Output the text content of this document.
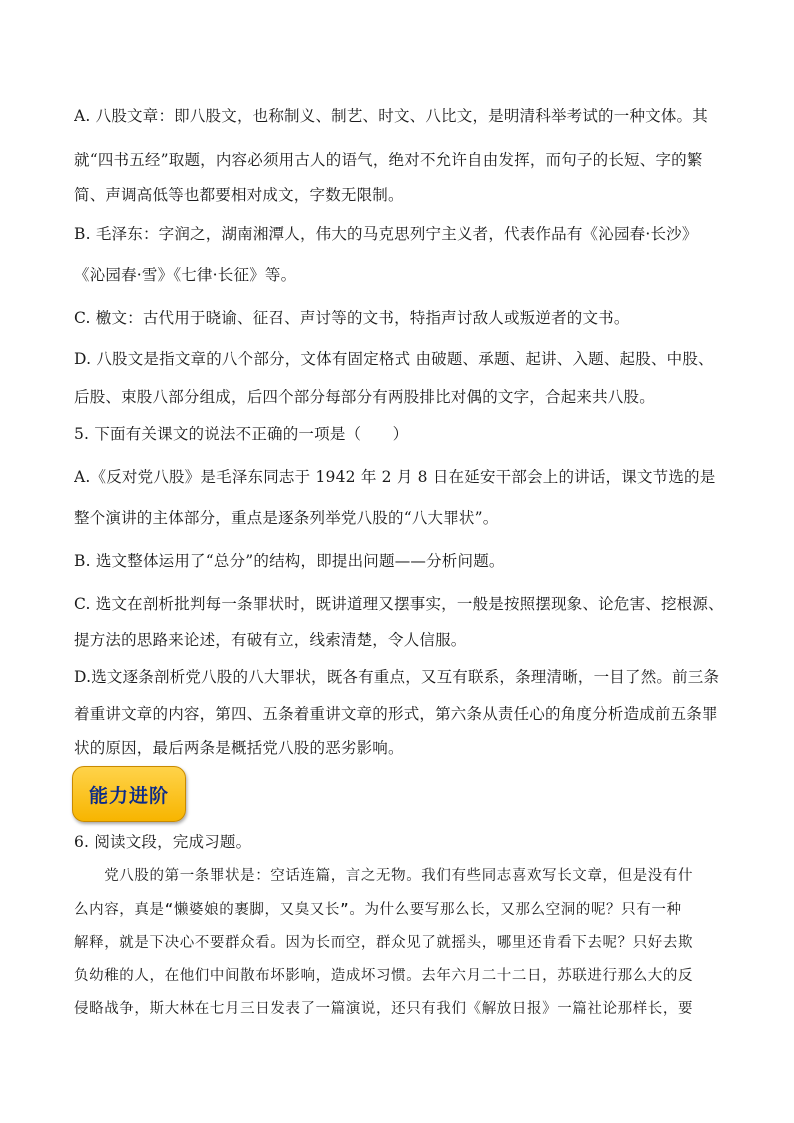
A. 八股文章：即八股文，也称制义、制艺、时文、八比文，是明清科举考试的一种文体。其
就“四书五经”取题，内容必须用古人的语气，绝对不允许自由发挥，而句子的长短、字的繁
简、声调高低等也都要相对成文，字数无限制。
B. 毛泽东：字润之，湖南湘潭人，伟大的马克思列宁主义者，代表作品有《沁园春·长沙》
《沁园春·雪》《七律·长征》等。
C. 檄文：古代用于晓谕、征召、声讨等的文书，特指声讨敌人或叛逆者的文书。
D. 八股文是指文章的八个部分，文体有固定格式 由破题、承题、起讲、入题、起股、中股、
后股、束股八部分组成，后四个部分每部分有两股排比对偶的文字，合起来共八股。
5. 下面有关课文的说法不正确的一项是（　　）
A.《反对党八股》是毛泽东同志于 1942 年 2 月 8 日在延安干部会上的讲话，课文节选的是
整个演讲的主体部分，重点是逐条列举党八股的“八大罪状”。
B. 选文整体运用了“总分”的结构，即提出问题——分析问题。
C. 选文在剖析批判每一条罪状时，既讲道理又摆事实，一般是按照摆现象、论危害、挖根源、
提方法的思路来论述，有破有立，线索清楚，令人信服。
D.选文逐条剖析党八股的八大罪状，既各有重点，又互有联系，条理清晰，一目了然。前三条
着重讲文章的内容，第四、五条着重讲文章的形式，第六条从责任心的角度分析造成前五条罪
状的原因，最后两条是概括党八股的恶劣影响。
能力进阶
6. 阅读文段，完成习题。
　　党八股的第一条罪状是：空话连篇，言之无物。我们有些同志喜欢写长文章，但是没有什
么内容，真是“懒婆娘的裹脚，又臭又长”。为什么要写那么长，又那么空洞的呢？只有一种
解释，就是下决心不要群众看。因为长而空，群众见了就摇头，哪里还肯看下去呢？只好去欺
负幼稚的人，在他们中间散布坏影响，造成坏习惯。去年六月二十二日，苏联进行那么大的反
侵略战争，斯大林在七月三日发表了一篇演说，还只有我们《解放日报》一篇社论那样长，要
